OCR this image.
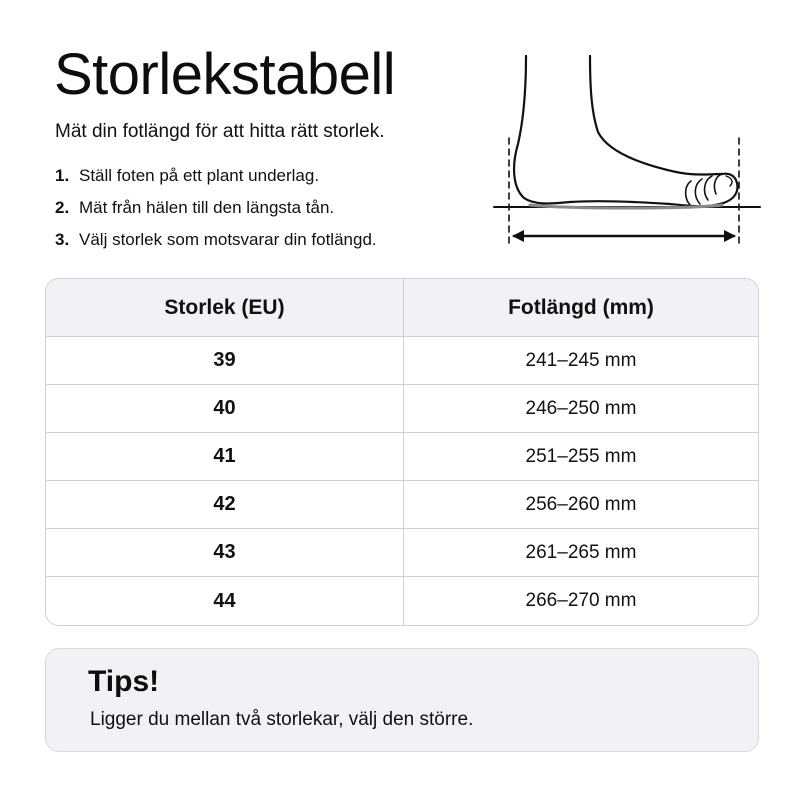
Storlekstabell

Mät din fotlängd för att hitta rätt storlek.

1. Ställ foten på ett plant underlag.
2. Mät från hälen till den längsta tån.
3. Välj storlek som motsvarar din fotlängd.
Storlek (EU)	Fotlängd (mm)
39	241–245 mm
40	246–250 mm
41	251–255 mm
42	256–260 mm
43	261–265 mm
44	266–270 mm
Tips!
Ligger du mellan två storlekar, välj den större.
